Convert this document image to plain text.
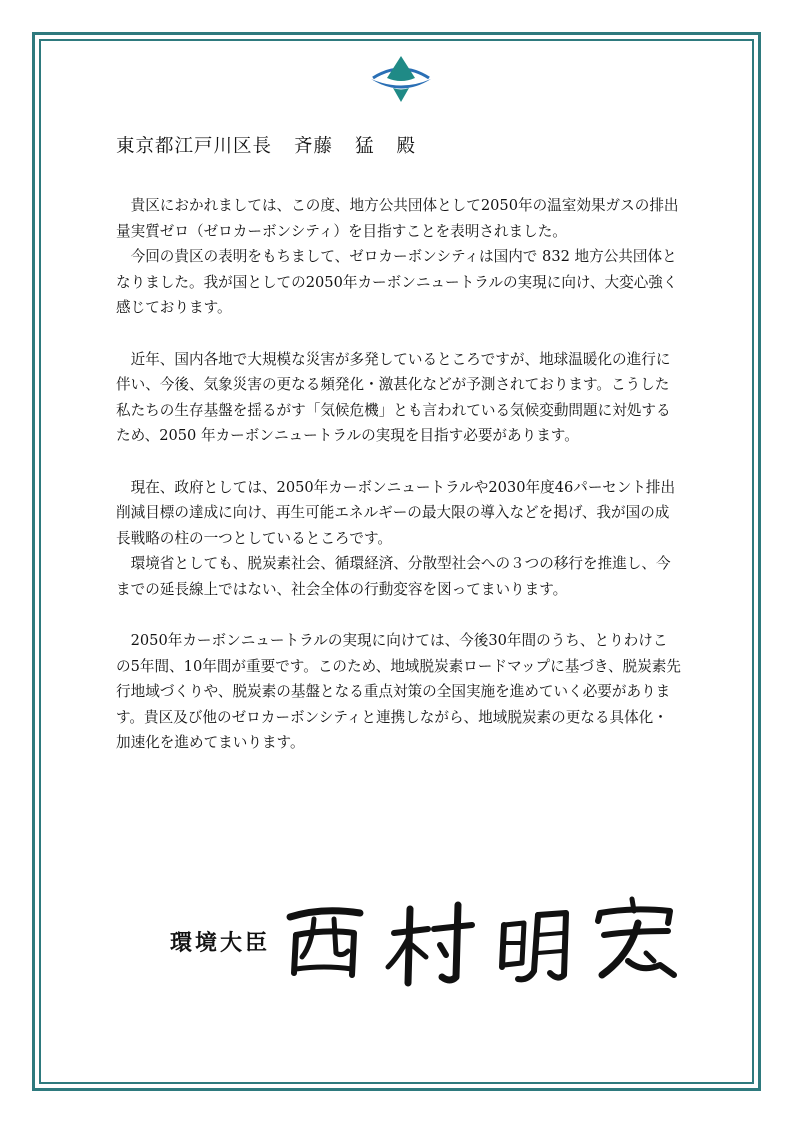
東京都江戸川区長 斉藤 猛 殿

貴区におかれましては、この度、地方公共団体として2050年の温室効果ガスの排出量実質ゼロ（ゼロカーボンシティ）を目指すことを表明されました。

今回の貴区の表明をもちまして、ゼロカーボンシティは国内で 832 地方公共団体となりました。我が国としての2050年カーボンニュートラルの実現に向け、大変心強く感じております。

近年、国内各地で大規模な災害が多発しているところですが、地球温暖化の進行に伴い、今後、気象災害の更なる頻発化・激甚化などが予測されております。こうした私たちの生存基盤を揺るがす「気候危機」とも言われている気候変動問題に対処するため、2050 年カーボンニュートラルの実現を目指す必要があります。

現在、政府としては、2050年カーボンニュートラルや2030年度46パーセント排出削減目標の達成に向け、再生可能エネルギーの最大限の導入などを掲げ、我が国の成長戦略の柱の一つとしているところです。

環境省としても、脱炭素社会、循環経済、分散型社会への３つの移行を推進し、今までの延長線上ではない、社会全体の行動変容を図ってまいります。

2050年カーボンニュートラルの実現に向けては、今後30年間のうち、とりわけこの5年間、10年間が重要です。このため、地域脱炭素ロードマップに基づき、脱炭素先行地域づくりや、脱炭素の基盤となる重点対策の全国実施を進めていく必要があります。貴区及び他のゼロカーボンシティと連携しながら、地域脱炭素の更なる具体化・加速化を進めてまいります。

環境大臣
